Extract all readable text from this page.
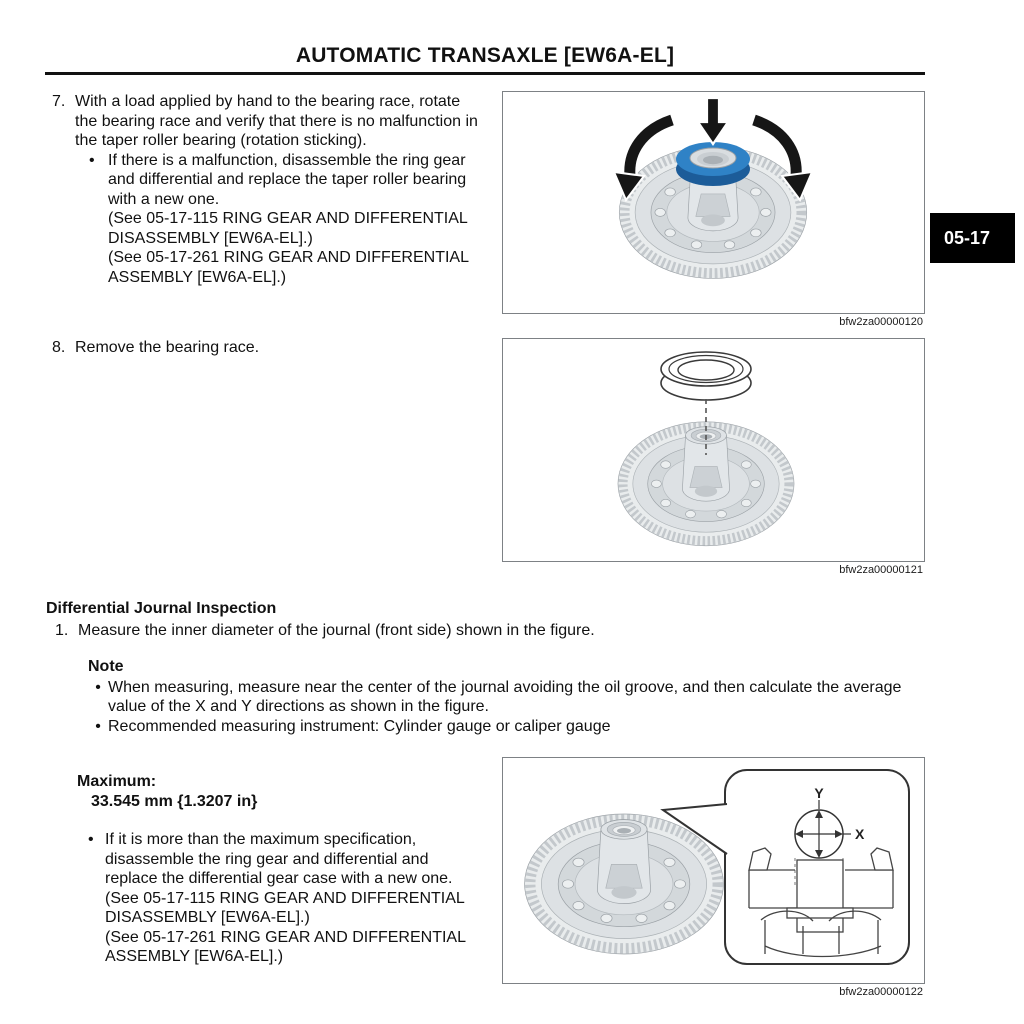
AUTOMATIC TRANSAXLE [EW6A-EL]
05-17
7. With a load applied by hand to the bearing race, rotate the bearing race and verify that there is no malfunction in the taper roller bearing (rotation sticking).
• If there is a malfunction, disassemble the ring gear and differential and replace the taper roller bearing with a new one.
(See 05-17-115 RING GEAR AND DIFFERENTIAL DISASSEMBLY [EW6A-EL].)
(See 05-17-261 RING GEAR AND DIFFERENTIAL ASSEMBLY [EW6A-EL].)
bfw2za00000120
8. Remove the bearing race.
bfw2za00000121
Differential Journal Inspection
1. Measure the inner diameter of the journal (front side) shown in the figure.
Note
• When measuring, measure near the center of the journal avoiding the oil groove, and then calculate the average value of the X and Y directions as shown in the figure.
• Recommended measuring instrument: Cylinder gauge or caliper gauge
Maximum:
33.545 mm {1.3207 in}
• If it is more than the maximum specification, disassemble the ring gear and differential and replace the differential gear case with a new one.
(See 05-17-115 RING GEAR AND DIFFERENTIAL DISASSEMBLY [EW6A-EL].)
(See 05-17-261 RING GEAR AND DIFFERENTIAL ASSEMBLY [EW6A-EL].)
Y
X
bfw2za00000122
